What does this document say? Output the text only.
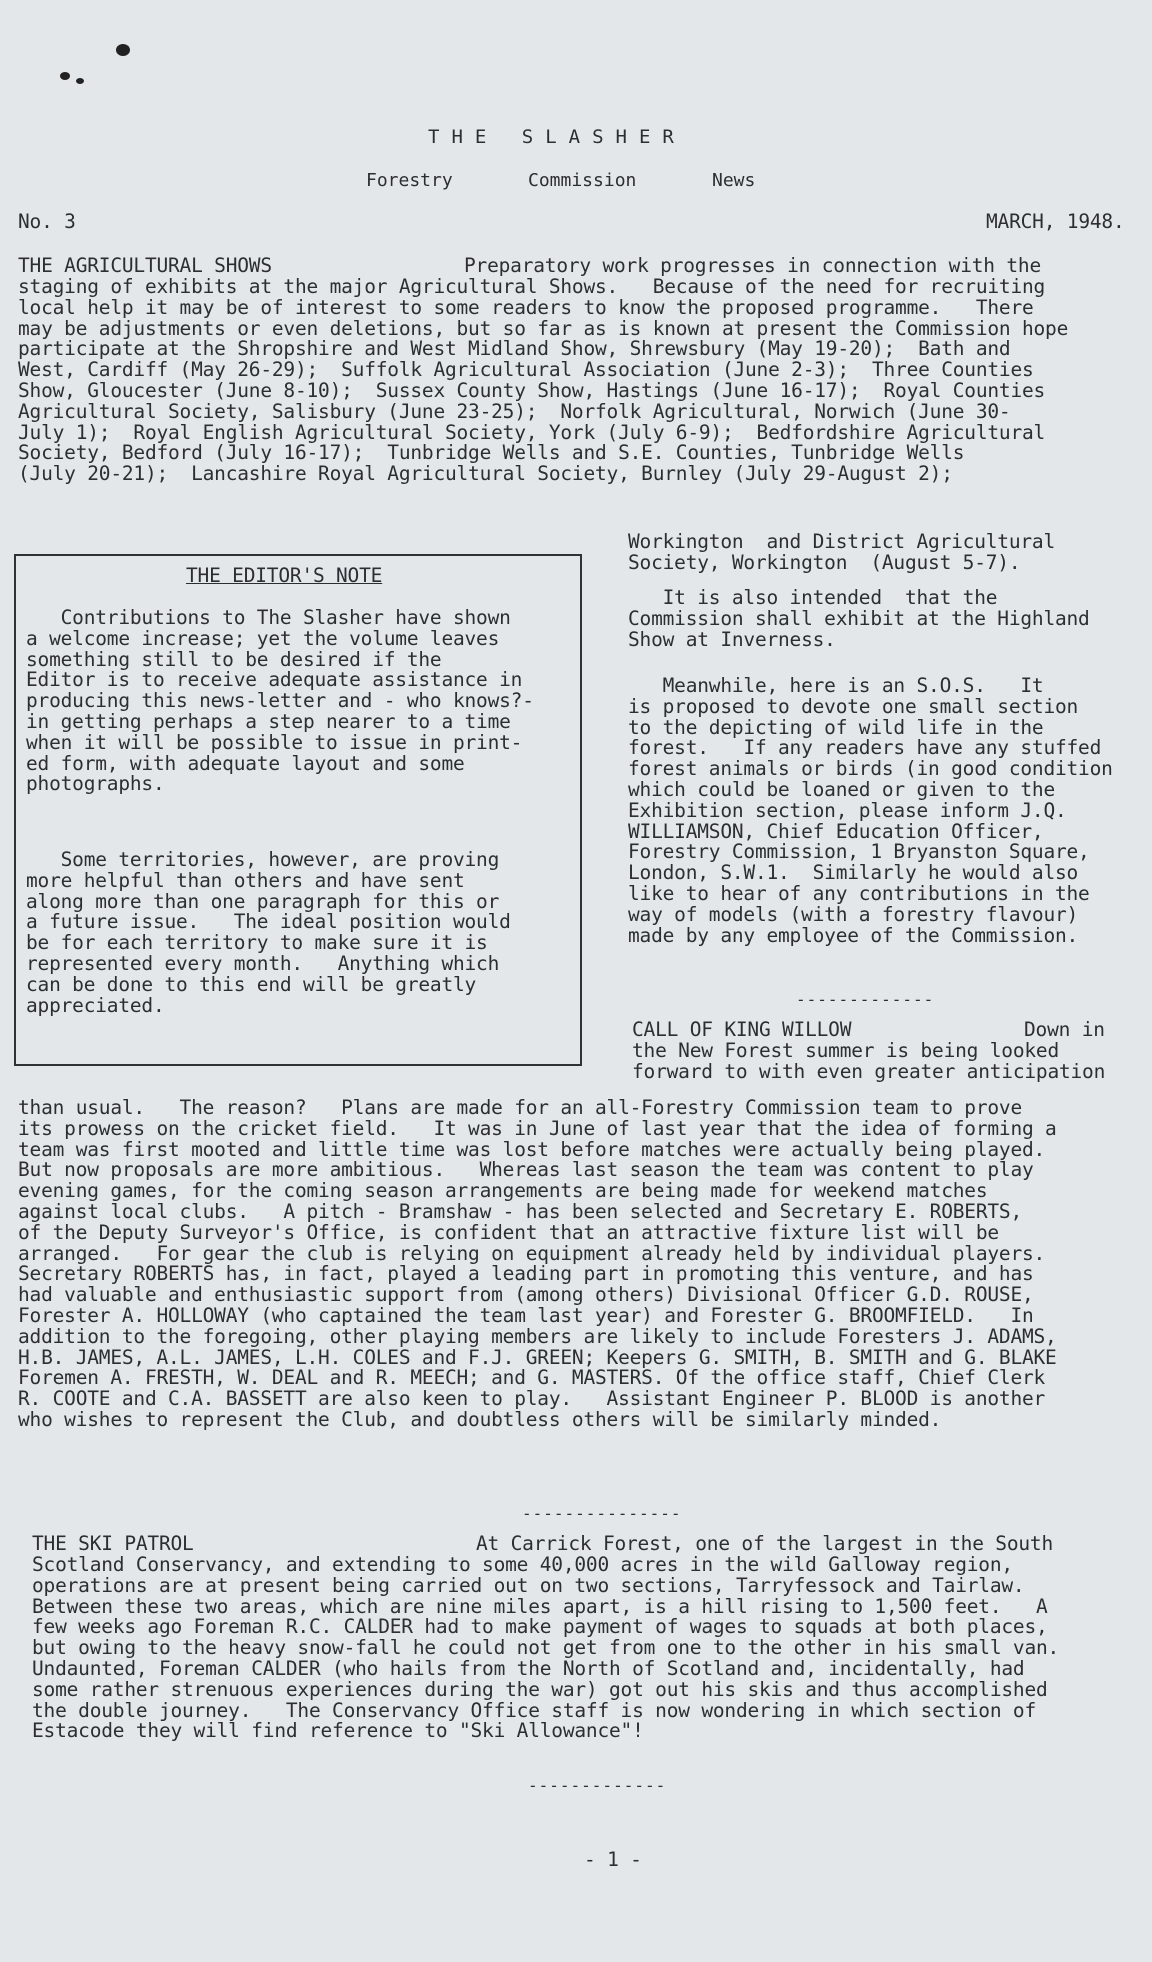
THE SLASHER
Forestry	Commission	News
No. 3	MARCH, 1948.
THE AGRICULTURAL SHOWS	Preparatory work progresses in connection with the
staging of exhibits at the major Agricultural Shows.   Because of the need for recruiting
local help it may be of interest to some readers to know the proposed programme.   There
may be adjustments or even deletions, but so far as is known at present the Commission hope
participate at the Shropshire and West Midland Show, Shrewsbury (May 19-20);  Bath and
West, Cardiff (May 26-29);  Suffolk Agricultural Association (June 2-3);  Three Counties
Show, Gloucester (June 8-10);  Sussex County Show, Hastings (June 16-17);  Royal Counties
Agricultural Society, Salisbury (June 23-25);  Norfolk Agricultural, Norwich (June 30-
July 1);  Royal English Agricultural Society, York (July 6-9);  Bedfordshire Agricultural
Society, Bedford (July 16-17);  Tunbridge Wells and S.E. Counties, Tunbridge Wells
(July 20-21);  Lancashire Royal Agricultural Society, Burnley (July 29-August 2);
Workington  and District Agricultural
Society, Workington  (August 5-7).
It is also intended  that the
Commission shall exhibit at the Highland
Show at Inverness.
Meanwhile, here is an S.O.S.   It
is proposed to devote one small section
to the depicting of wild life in the
forest.   If any readers have any stuffed
forest animals or birds (in good condition
which could be loaned or given to the
Exhibition section, please inform J.Q.
WILLIAMSON, Chief Education Officer,
Forestry Commission, 1 Bryanston Square,
London, S.W.1.  Similarly he would also
like to hear of any contributions in the
way of models (with a forestry flavour)
made by any employee of the Commission.
-------------
THE EDITOR'S NOTE
Contributions to The Slasher have shown
a welcome increase; yet the volume leaves
something still to be desired if the
Editor is to receive adequate assistance in
producing this news-letter and - who knows?-
in getting perhaps a step nearer to a time
when it will be possible to issue in print-
ed form, with adequate layout and some
photographs.
Some territories, however, are proving
more helpful than others and have sent
along more than one paragraph for this or
a future issue.   The ideal position would
be for each territory to make sure it is
represented every month.   Anything which
can be done to this end will be greatly
appreciated.
CALL OF KING WILLOW	Down in
the New Forest summer is being looked
forward to with even greater anticipation
than usual.   The reason?   Plans are made for an all-Forestry Commission team to prove
its prowess on the cricket field.   It was in June of last year that the idea of forming a
team was first mooted and little time was lost before matches were actually being played.
But now proposals are more ambitious.   Whereas last season the team was content to play
evening games, for the coming season arrangements are being made for weekend matches
against local clubs.   A pitch - Bramshaw - has been selected and Secretary E. ROBERTS,
of the Deputy Surveyor's Office, is confident that an attractive fixture list will be
arranged.   For gear the club is relying on equipment already held by individual players.
Secretary ROBERTS has, in fact, played a leading part in promoting this venture, and has
had valuable and enthusiastic support from (among others) Divisional Officer G.D. ROUSE,
Forester A. HOLLOWAY (who captained the team last year) and Forester G. BROOMFIELD.   In
addition to the foregoing, other playing members are likely to include Foresters J. ADAMS,
H.B. JAMES, A.L. JAMES, L.H. COLES and F.J. GREEN; Keepers G. SMITH, B. SMITH and G. BLAKE
Foremen A. FRESTH, W. DEAL and R. MEECH; and G. MASTERS. Of the office staff, Chief Clerk
R. COOTE and C.A. BASSETT are also keen to play.   Assistant Engineer P. BLOOD is another
who wishes to represent the Club, and doubtless others will be similarly minded.
---------------
THE SKI PATROL	At Carrick Forest, one of the largest in the South
Scotland Conservancy, and extending to some 40,000 acres in the wild Galloway region,
operations are at present being carried out on two sections, Tarryfessock and Tairlaw.
Between these two areas, which are nine miles apart, is a hill rising to 1,500 feet.   A
few weeks ago Foreman R.C. CALDER had to make payment of wages to squads at both places,
but owing to the heavy snow-fall he could not get from one to the other in his small van.
Undaunted, Foreman CALDER (who hails from the North of Scotland and, incidentally, had
some rather strenuous experiences during the war) got out his skis and thus accomplished
the double journey.   The Conservancy Office staff is now wondering in which section of
Estacode they will find reference to "Ski Allowance"!
-------------
- 1 -
